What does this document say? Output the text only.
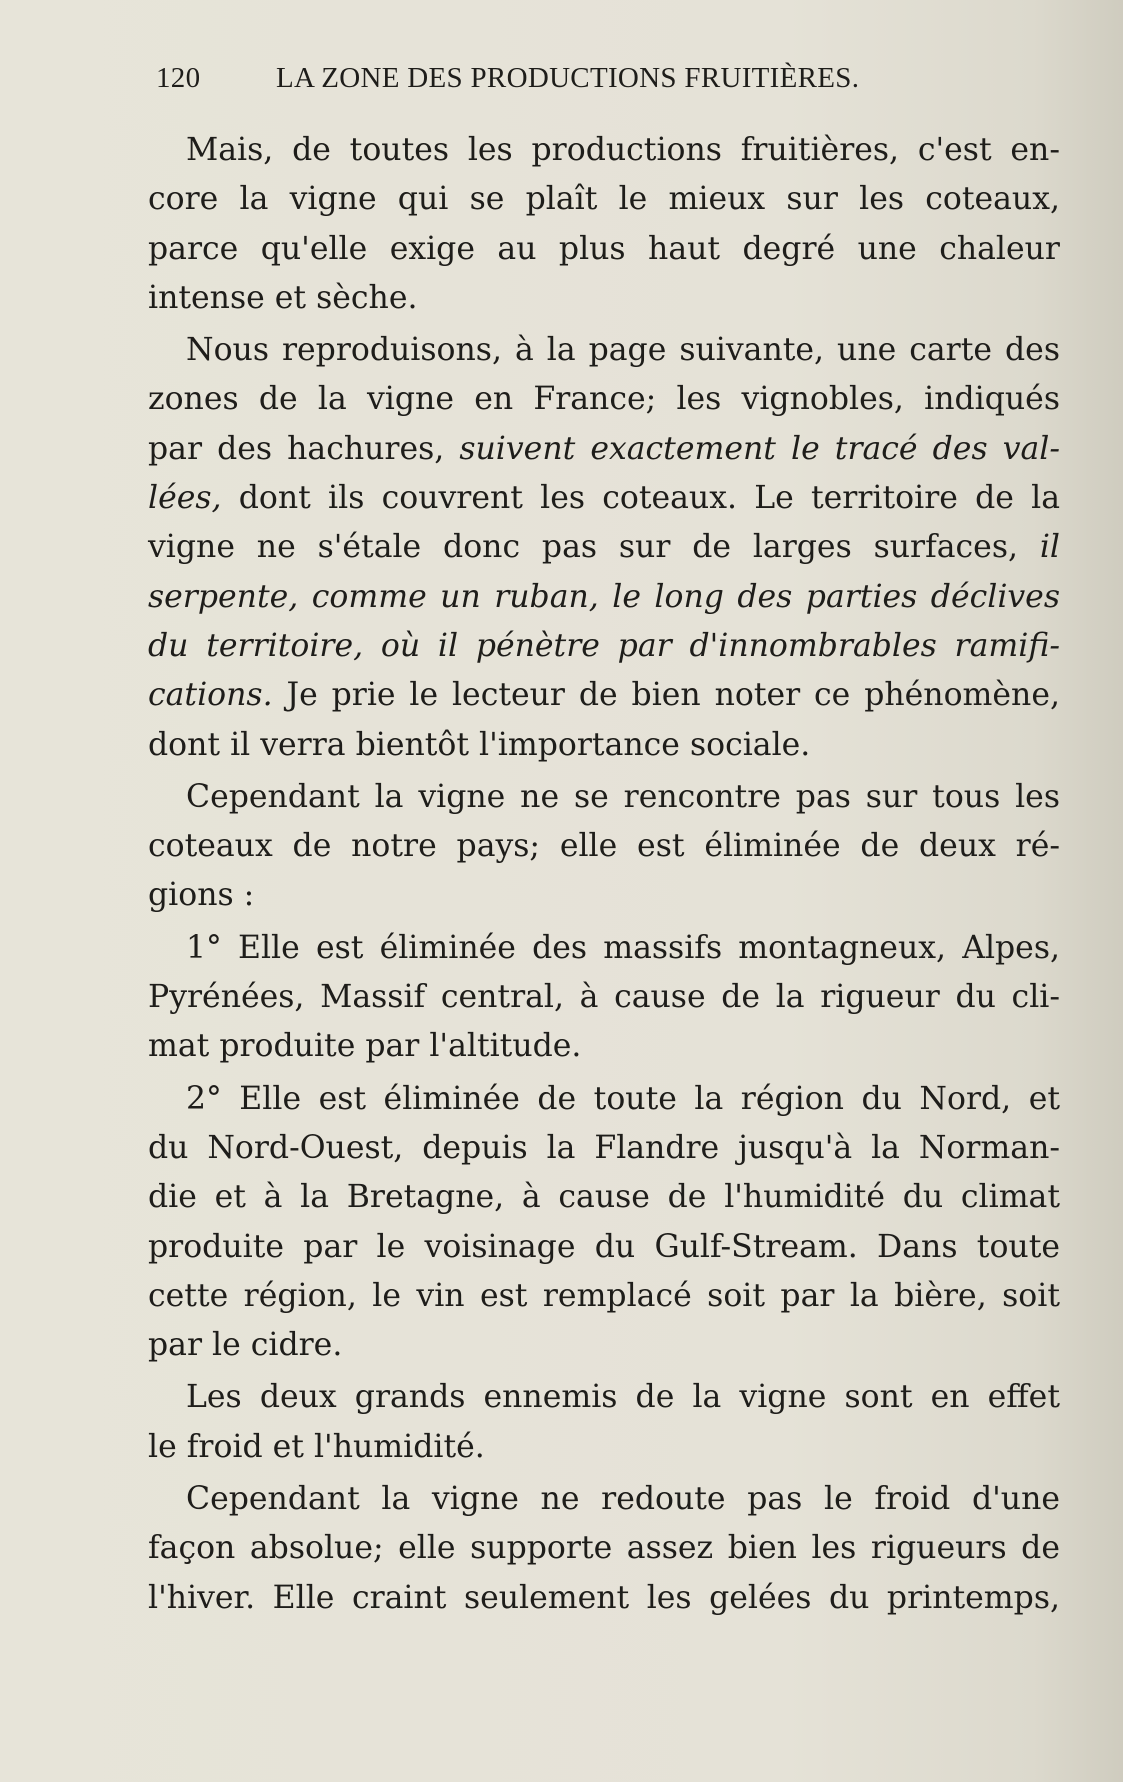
120	LA ZONE DES PRODUCTIONS FRUITIÈRES.
Mais, de toutes les productions fruitières, c'est en-
core la vigne qui se plaît le mieux sur les coteaux,
parce qu'elle exige au plus haut degré une chaleur
intense et sèche.
Nous reproduisons, à la page suivante, une carte des
zones de la vigne en France; les vignobles, indiqués
par des hachures, suivent exactement le tracé des val-
lées, dont ils couvrent les coteaux. Le territoire de la
vigne ne s'étale donc pas sur de larges surfaces, il
serpente, comme un ruban, le long des parties déclives
du territoire, où il pénètre par d'innombrables ramifi-
cations. Je prie le lecteur de bien noter ce phénomène,
dont il verra bientôt l'importance sociale.
Cependant la vigne ne se rencontre pas sur tous les
coteaux de notre pays; elle est éliminée de deux ré-
gions :
1° Elle est éliminée des massifs montagneux, Alpes,
Pyrénées, Massif central, à cause de la rigueur du cli-
mat produite par l'altitude.
2° Elle est éliminée de toute la région du Nord, et
du Nord-Ouest, depuis la Flandre jusqu'à la Norman-
die et à la Bretagne, à cause de l'humidité du climat
produite par le voisinage du Gulf-Stream. Dans toute
cette région, le vin est remplacé soit par la bière, soit
par le cidre.
Les deux grands ennemis de la vigne sont en effet
le froid et l'humidité.
Cependant la vigne ne redoute pas le froid d'une
façon absolue; elle supporte assez bien les rigueurs de
l'hiver. Elle craint seulement les gelées du printemps,
